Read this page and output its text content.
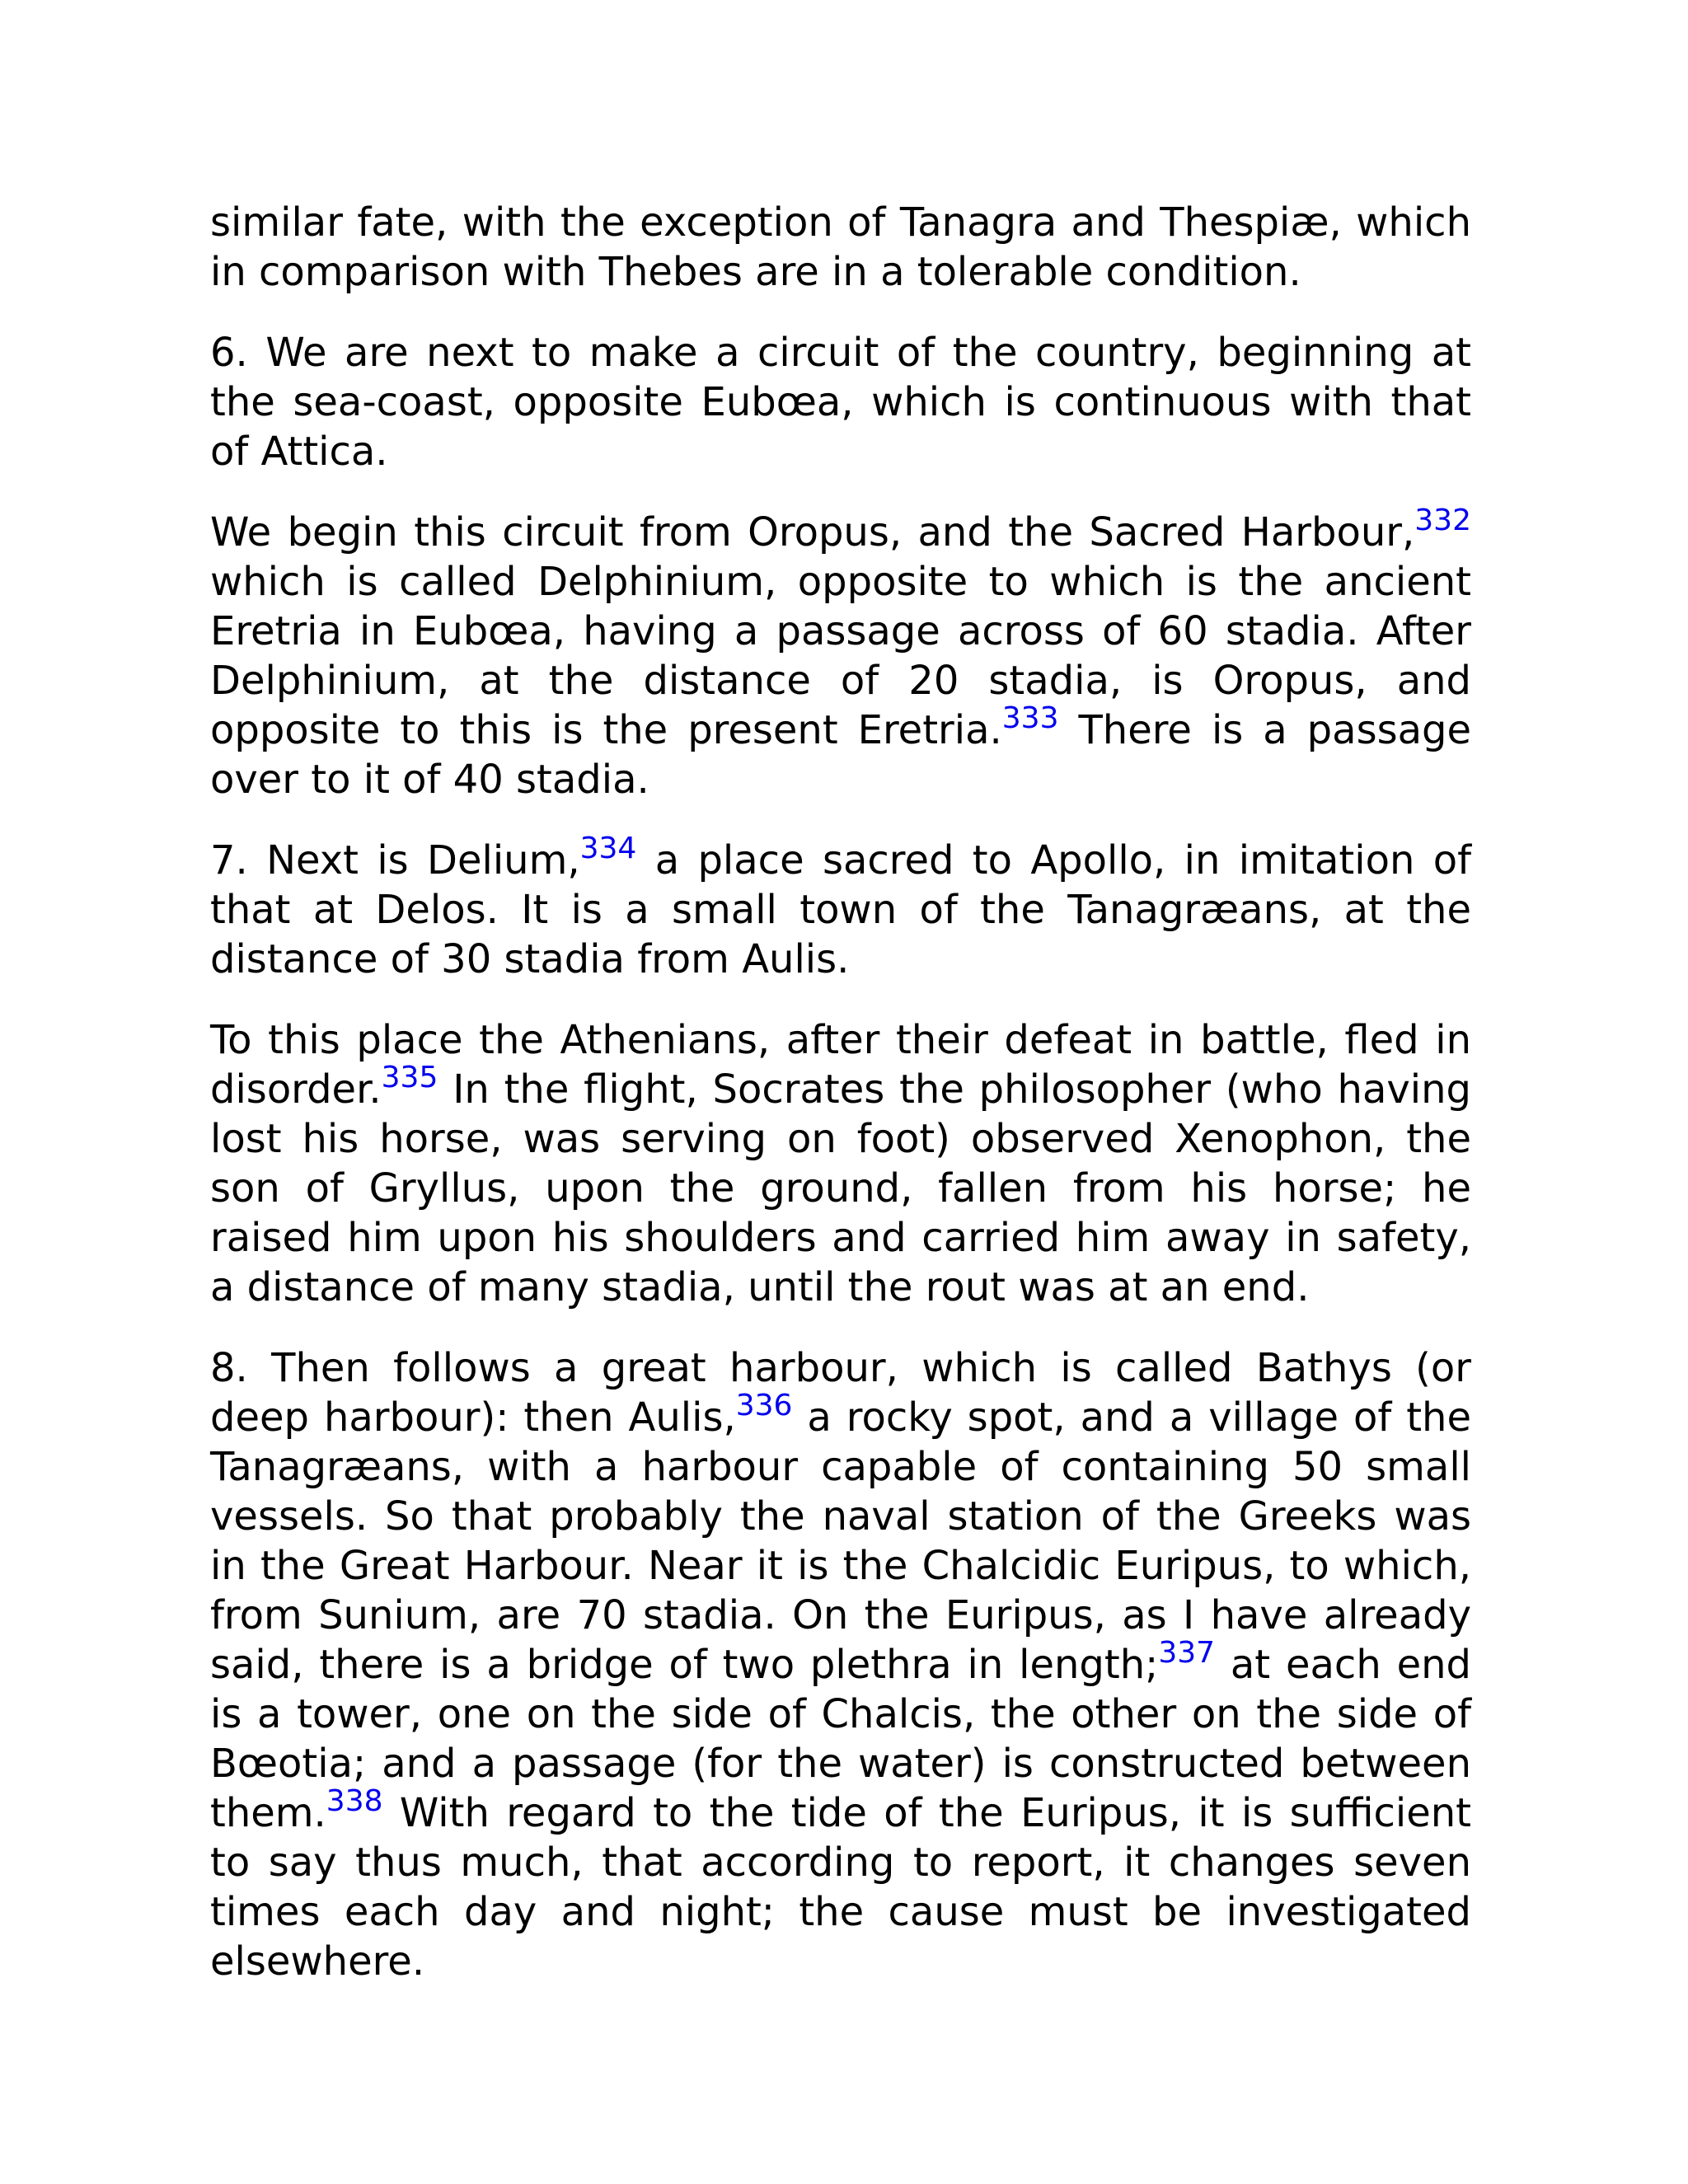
similar fate, with the exception of Tanagra and Thespiæ, which in comparison with Thebes are in a tolerable condition.

6. We are next to make a circuit of the country, beginning at the sea-coast, opposite Eubœa, which is continuous with that of Attica.

We begin this circuit from Oropus, and the Sacred Harbour,$^{332}$ which is called Delphinium, opposite to which is the ancient Eretria in Eubœa, having a passage across of 60 stadia. After Delphinium, at the distance of 20 stadia, is Oropus, and opposite to this is the present Eretria.$^{333}$ There is a passage over to it of 40 stadia.

7. Next is Delium,$^{334}$ a place sacred to Apollo, in imitation of that at Delos. It is a small town of the Tanagræans, at the distance of 30 stadia from Aulis.

To this place the Athenians, after their defeat in battle, fled in disorder.$^{335}$ In the flight, Socrates the philosopher (who having lost his horse, was serving on foot) observed Xenophon, the son of Gryllus, upon the ground, fallen from his horse; he raised him upon his shoulders and carried him away in safety, a distance of many stadia, until the rout was at an end.

8. Then follows a great harbour, which is called Bathys (or deep harbour): then Aulis,$^{336}$ a rocky spot, and a village of the Tanagræans, with a harbour capable of containing 50 small vessels. So that probably the naval station of the Greeks was in the Great Harbour. Near it is the Chalcidic Euripus, to which, from Sunium, are 70 stadia. On the Euripus, as I have already said, there is a bridge of two plethra in length;$^{337}$ at each end is a tower, one on the side of Chalcis, the other on the side of Bœotia; and a passage (for the water) is constructed between them.$^{338}$ With regard to the tide of the Euripus, it is sufficient to say thus much, that according to report, it changes seven times each day and night; the cause must be investigated elsewhere.
